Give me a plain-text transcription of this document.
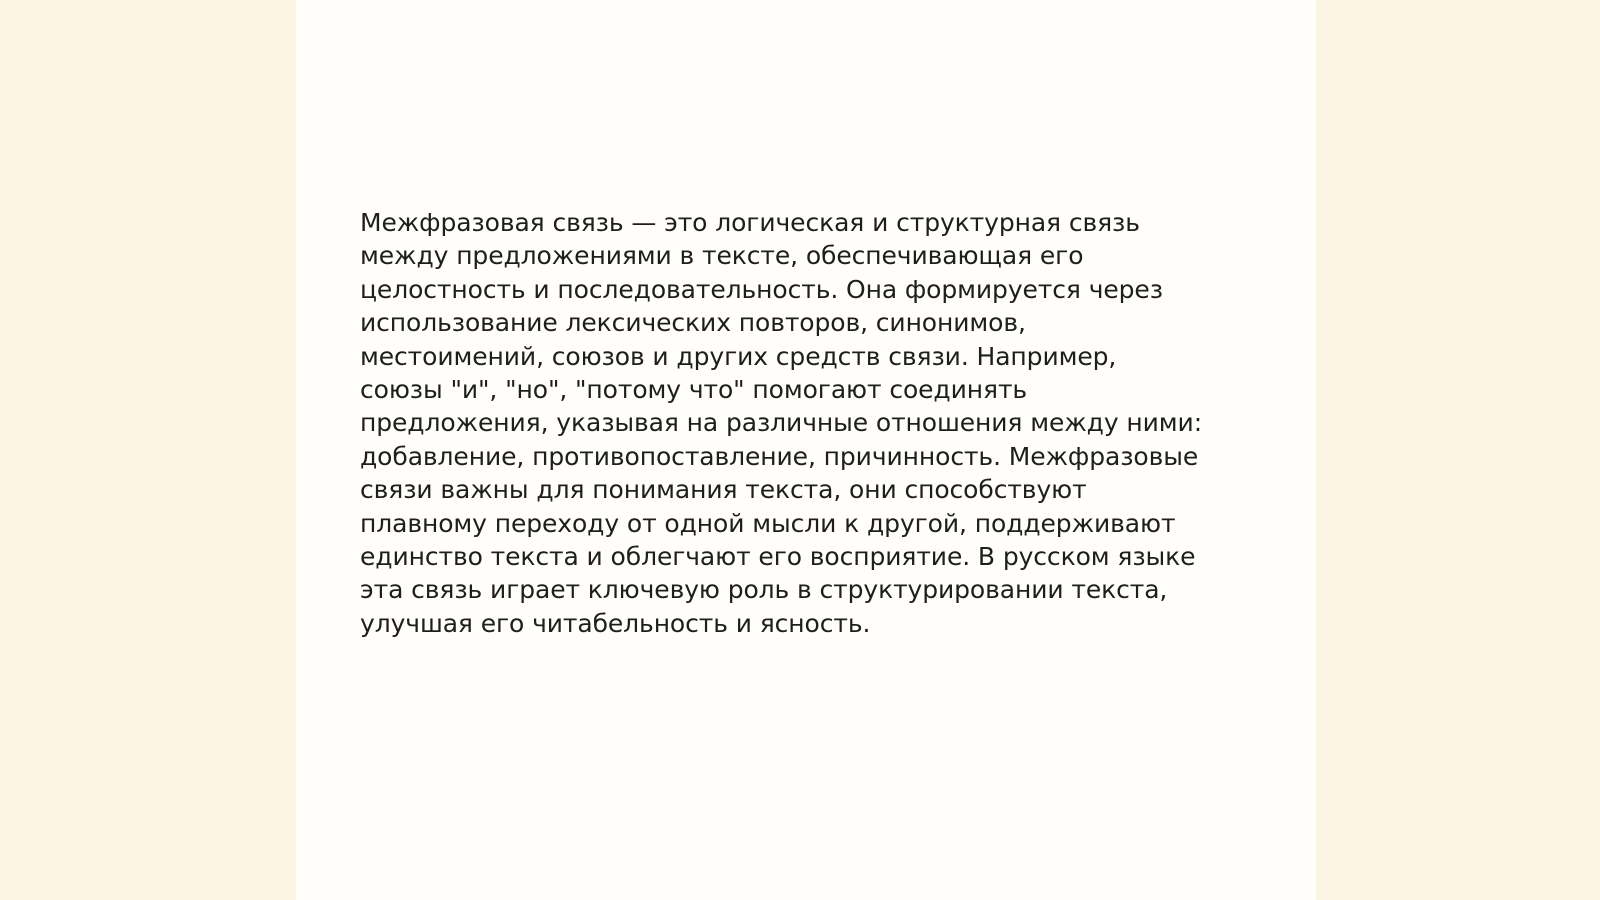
Межфразовая связь — это логическая и структурная связь
между предложениями в тексте, обеспечивающая его
целостность и последовательность. Она формируется через
использование лексических повторов, синонимов,
местоимений, союзов и других средств связи. Например,
союзы "и", "но", "потому что" помогают соединять
предложения, указывая на различные отношения между ними:
добавление, противопоставление, причинность. Межфразовые
связи важны для понимания текста, они способствуют
плавному переходу от одной мысли к другой, поддерживают
единство текста и облегчают его восприятие. В русском языке
эта связь играет ключевую роль в структурировании текста,
улучшая его читабельность и ясность.
